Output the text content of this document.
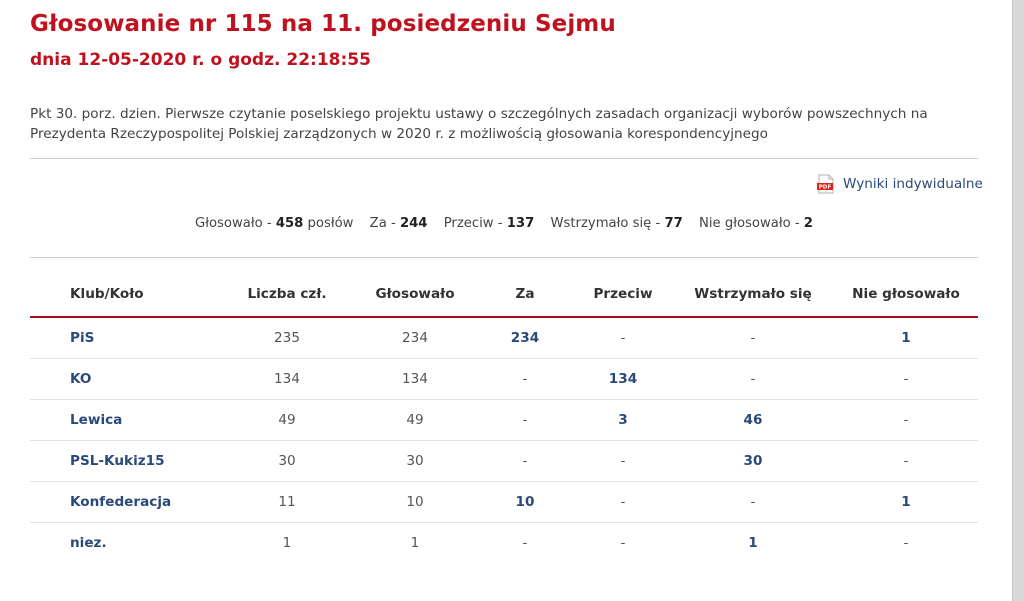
Głosowanie nr 115 na 11. posiedzeniu Sejmu
dnia 12-05-2020 r. o godz. 22:18:55
Pkt 30. porz. dzien. Pierwsze czytanie poselskiego projektu ustawy o szczególnych zasadach organizacji wyborów powszechnych na Prezydenta Rzeczypospolitej Polskiej zarządzonych w 2020 r. z możliwością głosowania korespondencyjnego
PDF Wyniki indywidualne
Głosowało - 458 posłów Za - 244 Przeciw - 137 Wstrzymało się - 77 Nie głosowało - 2
Klub/Koło	Liczba czł.	Głosowało	Za	Przeciw	Wstrzymało się	Nie głosowało
PiS	235	234	234	-	-	1
KO	134	134	-	134	-	-
Lewica	49	49	-	3	46	-
PSL-Kukiz15	30	30	-	-	30	-
Konfederacja	11	10	10	-	-	1
niez.	1	1	-	-	1	-
